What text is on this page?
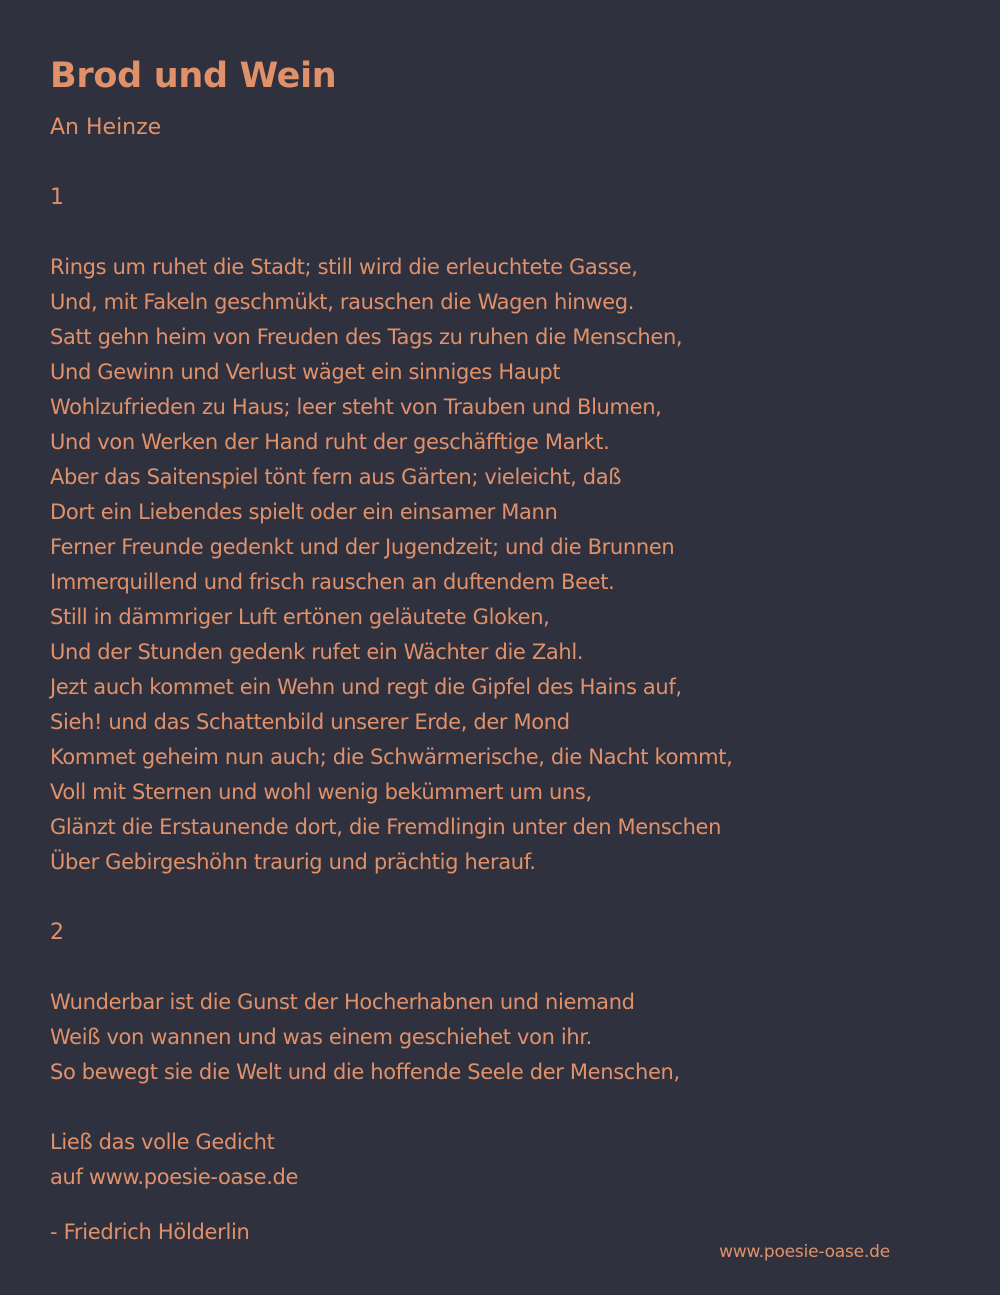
Brod und Wein
An Heinze
1
Rings um ruhet die Stadt; still wird die erleuchtete Gasse,
Und, mit Fakeln geschmükt, rauschen die Wagen hinweg.
Satt gehn heim von Freuden des Tags zu ruhen die Menschen,
Und Gewinn und Verlust wäget ein sinniges Haupt
Wohlzufrieden zu Haus; leer steht von Trauben und Blumen,
Und von Werken der Hand ruht der geschäfftige Markt.
Aber das Saitenspiel tönt fern aus Gärten; vieleicht, daß
Dort ein Liebendes spielt oder ein einsamer Mann
Ferner Freunde gedenkt und der Jugendzeit; und die Brunnen
Immerquillend und frisch rauschen an duftendem Beet.
Still in dämmriger Luft ertönen geläutete Gloken,
Und der Stunden gedenk rufet ein Wächter die Zahl.
Jezt auch kommet ein Wehn und regt die Gipfel des Hains auf,
Sieh! und das Schattenbild unserer Erde, der Mond
Kommet geheim nun auch; die Schwärmerische, die Nacht kommt,
Voll mit Sternen und wohl wenig bekümmert um uns,
Glänzt die Erstaunende dort, die Fremdlingin unter den Menschen
Über Gebirgeshöhn traurig und prächtig herauf.
2
Wunderbar ist die Gunst der Hocherhabnen und niemand
Weiß von wannen und was einem geschiehet von ihr.
So bewegt sie die Welt und die hoffende Seele der Menschen,
Ließ das volle Gedicht
auf www.poesie-oase.de
- Friedrich Hölderlin
www.poesie-oase.de
